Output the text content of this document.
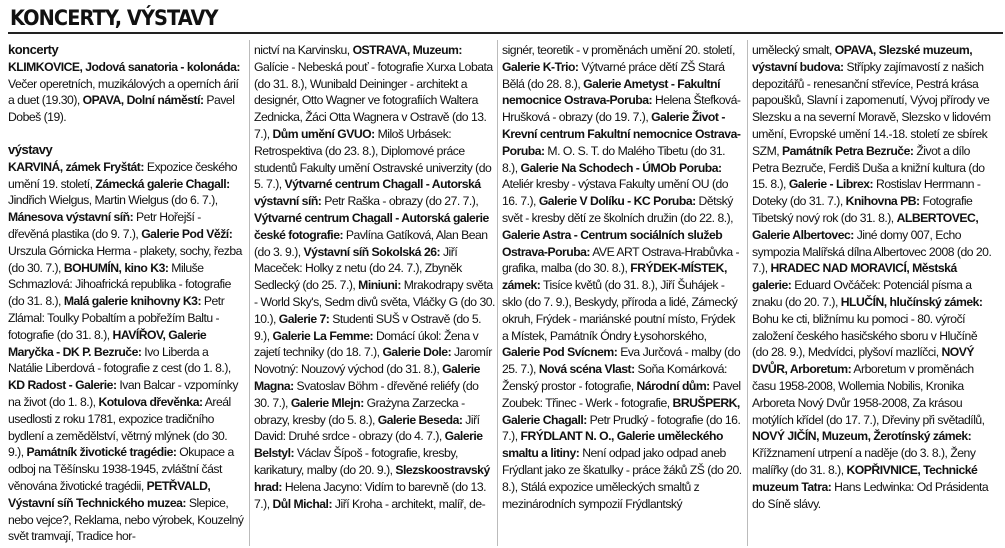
KONCERTY, VÝSTAVY

koncerty

KLIMKOVICE, Jodová sanatoria - kolonáda: Večer operetních, muzikálových a operních árií a duet (19.30), OPAVA, Dolní náměstí: Pavel Dobeš (19).

výstavy

KARVINÁ, zámek Fryštát: Expozice českého umění 19. století, Zámecká galerie Chagall: Jindřich Wielgus, Martin Wielgus (do 6. 7.), Mánesova výstavní síň: Petr Hořejší - dřevěná plastika (do 9. 7.), Galerie Pod Věží: Urszula Górnicka Herma - plakety, sochy, řezba (do 30. 7.), BOHUMÍN, kino K3: Miluše Schmazlová: Jihoafrická republika - fotografie (do 31. 8.), Malá galerie knihovny K3: Petr Zlámal: Toulky Pobaltím a pobřežím Baltu - fotografie (do 31. 8.), HAVÍŘOV, Galerie Maryčka - DK P. Bezruče: Ivo Liberda a Natálie Liberdová - fotografie z cest (do 1. 8.), KD Radost - Galerie: Ivan Balcar - vzpomínky na život (do 1. 8.), Kotulova dřevěnka: Areál usedlosti z roku 1781, expozice tradičního bydlení a zemědělství, větrný mlýnek (do 30. 9.), Památník životické tragédie: Okupace a odboj na Těšínsku 1938-1945, zvláštní část věnována životické tragédii, PETŘVALD, Výstavní síň Technického muzea: Slepice, nebo vejce?, Reklama, nebo výrobek, Kouzelný svět tramvají, Tradice hor-

nictví na Karvinsku, OSTRAVA, Muzeum: Galície - Nebeská pouť - fotografie Xurxa Lobata (do 31. 8.), Wunibald Deininger - architekt a designér, Otto Wagner ve fotografiích Waltera Zednicka, Žáci Otta Wagnera v Ostravě (do 13. 7.), Dům umění GVUO: Miloš Urbásek: Retrospektiva (do 23. 8.), Diplomové práce studentů Fakulty umění Ostravské univerzity (do 5. 7.), Výtvarné centrum Chagall - Autorská výstavní síň: Petr Raška - obrazy (do 27. 7.), Výtvarné centrum Chagall - Autorská galerie české fotografie: Pavlína Gatíková, Alan Bean (do 3. 9.), Výstavní síň Sokolská 26: Jiří Maceček: Holky z netu (do 24. 7.), Zbyněk Sedlecký (do 25. 7.), Miniuni: Mrakodrapy světa - World Sky's, Sedm divů světa, Vláčky G (do 30. 10.), Galerie 7: Studenti SUŠ v Ostravě (do 5. 9.), Galerie La Femme: Domácí úkol: Žena v zajetí techniky (do 18. 7.), Galerie Dole: Jaromír Novotný: Nouzový východ (do 31. 8.), Galerie Magna: Svatoslav Böhm - dřevěné reliéfy (do 30. 7.), Galerie Mlejn: Grażyna Zarzecka - obrazy, kresby (do 5. 8.), Galerie Beseda: Jiří David: Druhé srdce - obrazy (do 4. 7.), Galerie Belstyl: Václav Šípoš - fotografie, kresby, karikatury, malby (do 20. 9.), Slezskoostravský hrad: Helena Jacyno: Vidím to barevně (do 13. 7.), Důl Michal: Jiří Kroha - architekt, malíř, de-

signér, teoretik - v proměnách umění 20. století, Galerie K-Trio: Výtvarné práce dětí ZŠ Stará Bělá (do 28. 8.), Galerie Ametyst - Fakultní nemocnice Ostrava-Poruba: Helena Štefková-Hrušková - obrazy (do 19. 7.), Galerie Život - Krevní centrum Fakultní nemocnice Ostrava-Poruba: M. O. S. T. do Malého Tibetu (do 31. 8.), Galerie Na Schodech - ÚMOb Poruba: Ateliér kresby - výstava Fakulty umění OU (do 16. 7.), Galerie V Dolíku - KC Poruba: Dětský svět - kresby dětí ze školních družin (do 22. 8.), Galerie Astra - Centrum sociálních služeb Ostrava-Poruba: AVE ART Ostrava-Hrabůvka - grafika, malba (do 30. 8.), FRÝDEK-MÍSTEK, zámek: Tisíce květů (do 31. 8.), Jiří Šuhájek - sklo (do 7. 9.), Beskydy, příroda a lidé, Zámecký okruh, Frýdek - mariánské poutní místo, Frýdek a Místek, Památník Óndry Łysohorského, Galerie Pod Svícnem: Eva Jurčová - malby (do 25. 7.), Nová scéna Vlast: Soňa Komárková: Ženský prostor - fotografie, Národní dům: Pavel Zoubek: Třinec - Werk - fotografie, BRUŠPERK, Galerie Chagall: Petr Prudký - fotografie (do 16. 7.), FRÝDLANT N. O., Galerie uměleckého smaltu a litiny: Není odpad jako odpad aneb Frýdlant jako ze škatulky - práce žáků ZŠ (do 20. 8.), Stálá expozice uměleckých smaltů z mezinárodních sympozií Frýdlantský

umělecký smalt, OPAVA, Slezské muzeum, výstavní budova: Střípky zajímavostí z našich depozitářů - renesanční střevíce, Pestrá krása papoušků, Slavní i zapomenutí, Vývoj přírody ve Slezsku a na severní Moravě, Slezsko v lidovém umění, Evropské umění 14.-18. století ze sbírek SZM, Památník Petra Bezruče: Život a dílo Petra Bezruče, Ferdiš Duša a knižní kultura (do 15. 8.), Galerie - Librex: Rostislav Herrmann - Doteky (do 31. 7.), Knihovna PB: Fotografie Tibetský nový rok (do 31. 8.), ALBERTOVEC, Galerie Albertovec: Jiné domy 007, Echo sympozia Malířská dílna Albertovec 2008 (do 20. 7.), HRADEC NAD MORAVICÍ, Městská galerie: Eduard Ovčáček: Potenciál písma a znaku (do 20. 7.), HLUČÍN, hlučínský zámek: Bohu ke cti, bližnímu ku pomoci - 80. výročí založení českého hasičského sboru v Hlučíně (do 28. 9.), Medvídci, plyšoví mazlíčci, NOVÝ DVŮR, Arboretum: Arboretum v proměnách času 1958-2008, Wollemia Nobilis, Kronika Arboreta Nový Dvůr 1958-2008, Za krásou motýlích křídel (do 17. 7.), Dřeviny při světadílů, NOVÝ JIČÍN, Muzeum, Žerotínský zámek: Křížznamení utrpení a naděje (do 3. 8.), Ženy malířky (do 31. 8.), KOPŘIVNICE, Technické muzeum Tatra: Hans Ledwinka: Od Prásidenta do Síně slávy.
